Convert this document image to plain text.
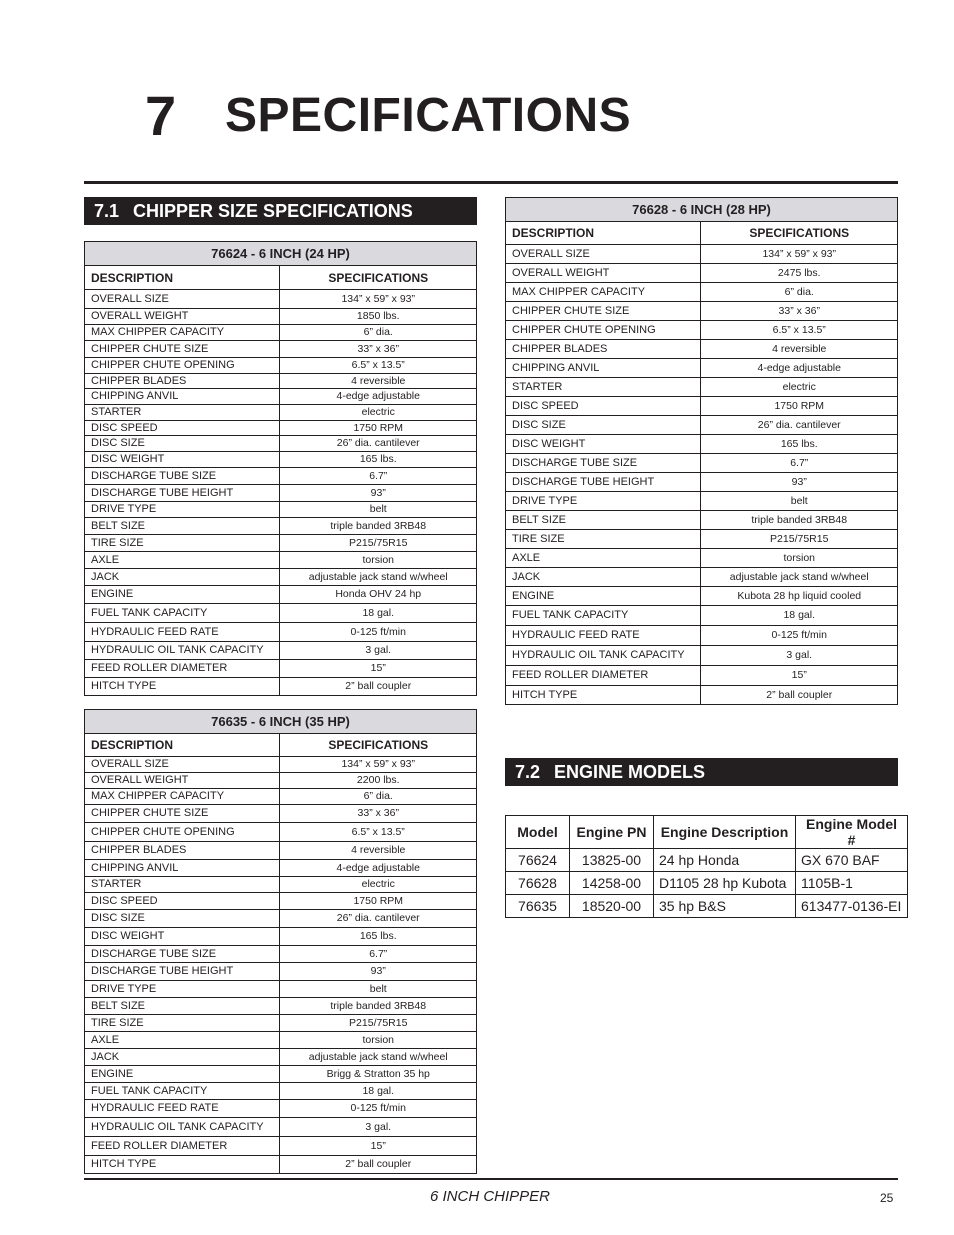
7	SPECIFICATIONS
7.1 CHIPPER SIZE SPECIFICATIONS
76624 - 6 INCH (24 HP)	
DESCRIPTION	SPECIFICATIONS
OVERALL SIZE	134” x 59” x 93”
OVERALL WEIGHT	1850 lbs.
MAX CHIPPER CAPACITY	6” dia.
CHIPPER CHUTE SIZE	33” x 36”
CHIPPER CHUTE OPENING	6.5” x 13.5”
CHIPPER BLADES	4 reversible
CHIPPING ANVIL	4-edge adjustable
STARTER	electric
DISC SPEED	1750 RPM
DISC SIZE	26” dia. cantilever
DISC WEIGHT	165 lbs.
DISCHARGE TUBE SIZE	6.7”
DISCHARGE TUBE HEIGHT	93”
DRIVE TYPE	belt
BELT SIZE	triple banded 3RB48
TIRE SIZE	P215/75R15
AXLE	torsion
JACK	adjustable jack stand w/wheel
ENGINE	Honda OHV 24 hp
FUEL TANK CAPACITY	18 gal.
HYDRAULIC FEED RATE	0-125 ft/min
HYDRAULIC OIL TANK CAPACITY	3 gal.
FEED ROLLER DIAMETER	15”
HITCH TYPE	2” ball coupler
76635 - 6 INCH (35 HP)	
DESCRIPTION	SPECIFICATIONS
OVERALL SIZE	134” x 59” x 93”
OVERALL WEIGHT	2200 lbs.
MAX CHIPPER CAPACITY	6” dia.
CHIPPER CHUTE SIZE	33” x 36”
CHIPPER CHUTE OPENING	6.5” x 13.5”
CHIPPER BLADES	4 reversible
CHIPPING ANVIL	4-edge adjustable
STARTER	electric
DISC SPEED	1750 RPM
DISC SIZE	26” dia. cantilever
DISC WEIGHT	165 lbs.
DISCHARGE TUBE SIZE	6.7”
DISCHARGE TUBE HEIGHT	93”
DRIVE TYPE	belt
BELT SIZE	triple banded 3RB48
TIRE SIZE	P215/75R15
AXLE	torsion
JACK	adjustable jack stand w/wheel
ENGINE	Brigg & Stratton 35 hp
FUEL TANK CAPACITY	18 gal.
HYDRAULIC FEED RATE	0-125 ft/min
HYDRAULIC OIL TANK CAPACITY	3 gal.
FEED ROLLER DIAMETER	15”
HITCH TYPE	2” ball coupler
76628 - 6 INCH (28 HP)	
DESCRIPTION	SPECIFICATIONS
OVERALL SIZE	134” x 59” x 93”
OVERALL WEIGHT	2475 lbs.
MAX CHIPPER CAPACITY	6” dia.
CHIPPER CHUTE SIZE	33” x 36”
CHIPPER CHUTE OPENING	6.5” x 13.5”
CHIPPER BLADES	4 reversible
CHIPPING ANVIL	4-edge adjustable
STARTER	electric
DISC SPEED	1750 RPM
DISC SIZE	26” dia. cantilever
DISC WEIGHT	165 lbs.
DISCHARGE TUBE SIZE	6.7”
DISCHARGE TUBE HEIGHT	93”
DRIVE TYPE	belt
BELT SIZE	triple banded 3RB48
TIRE SIZE	P215/75R15
AXLE	torsion
JACK	adjustable jack stand w/wheel
ENGINE	Kubota 28 hp liquid cooled
FUEL TANK CAPACITY	18 gal.
HYDRAULIC FEED RATE	0-125 ft/min
HYDRAULIC OIL TANK CAPACITY	3 gal.
FEED ROLLER DIAMETER	15”
HITCH TYPE	2” ball coupler
7.2 ENGINE MODELS
Model	Engine PN	Engine Description	Engine Model #
76624	13825-00	24 hp Honda	GX 670 BAF
76628	14258-00	D1105 28 hp Kubota	1105B-1
76635	18520-00	35 hp B&S	613477-0136-EI
6 INCH CHIPPER	25
